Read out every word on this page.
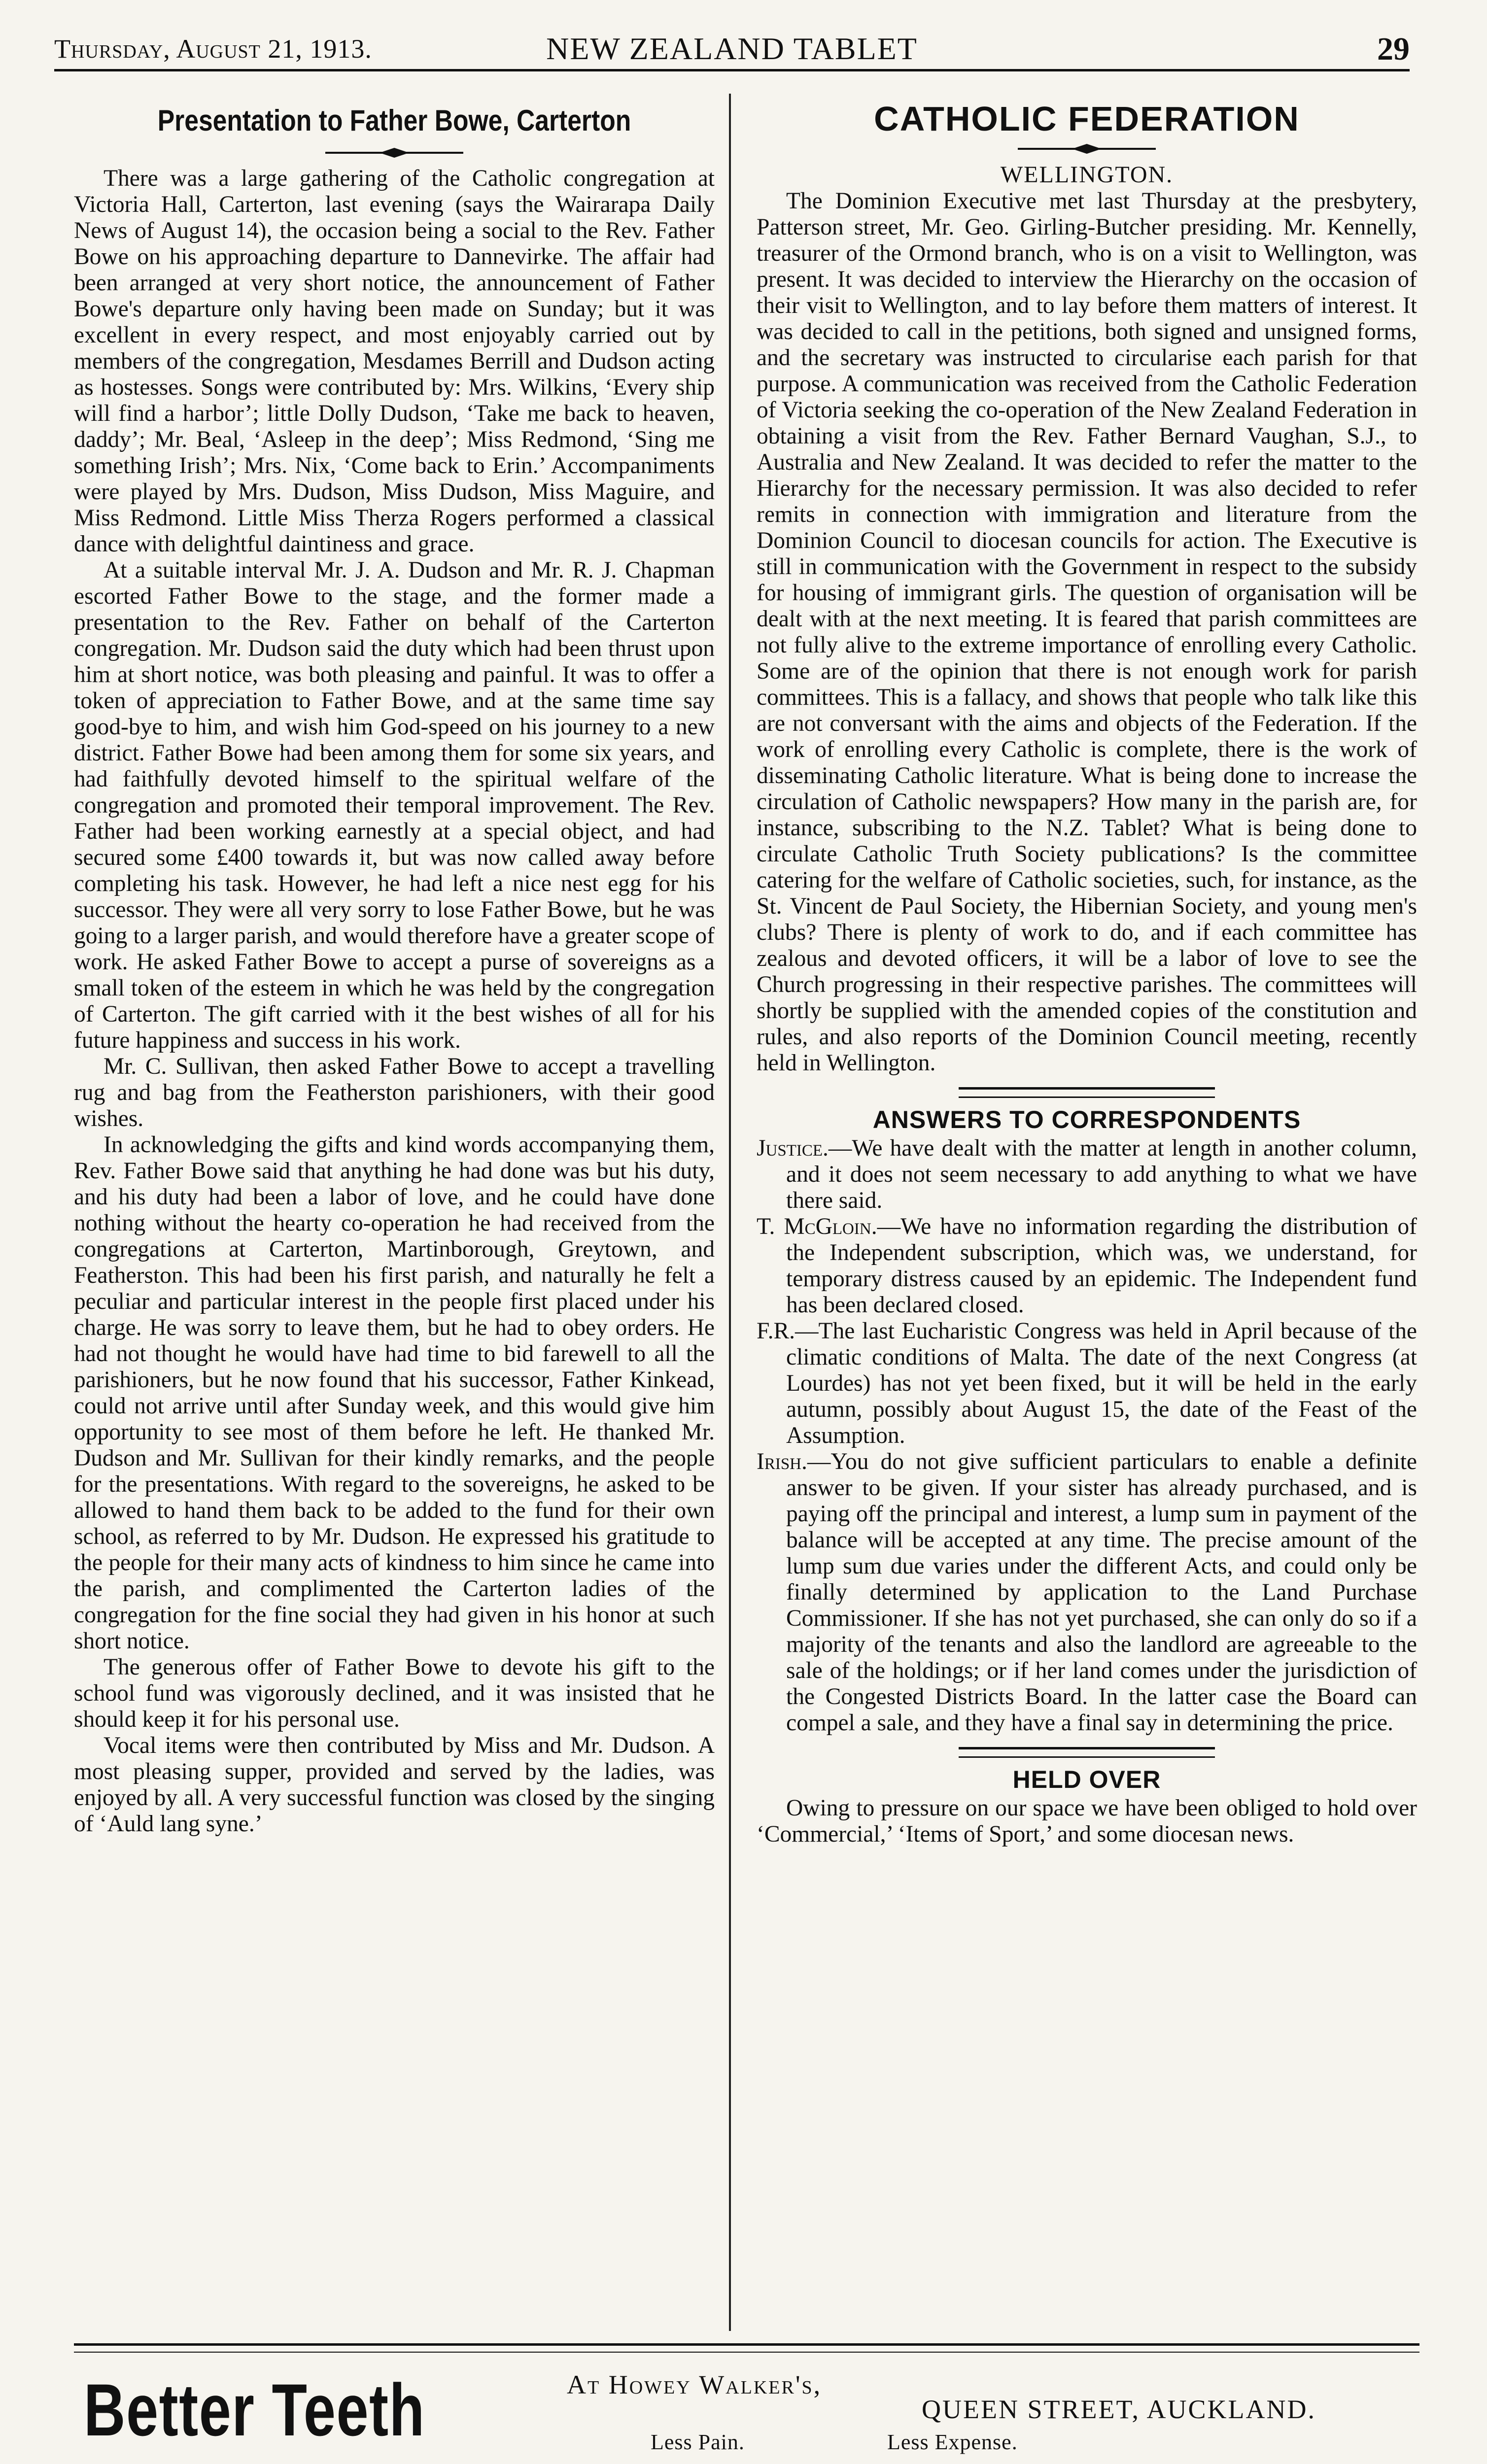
Thursday, August 21, 1913.	NEW ZEALAND TABLET	29
Presentation to Father Bowe, Carterton

There was a large gathering of the Catholic congregation at Victoria Hall, Carterton, last evening (says the Wairarapa Daily News of August 14), the occasion being a social to the Rev. Father Bowe on his approaching departure to Dannevirke. The affair had been arranged at very short notice, the announcement of Father Bowe's departure only having been made on Sunday; but it was excellent in every respect, and most enjoyably carried out by members of the congregation, Mesdames Berrill and Dudson acting as hostesses. Songs were contributed by: Mrs. Wilkins, ‘Every ship will find a harbor’; little Dolly Dudson, ‘Take me back to heaven, daddy’; Mr. Beal, ‘Asleep in the deep’; Miss Redmond, ‘Sing me something Irish’; Mrs. Nix, ‘Come back to Erin.’ Accompaniments were played by Mrs. Dudson, Miss Dudson, Miss Maguire, and Miss Redmond. Little Miss Therza Rogers performed a classical dance with delightful daintiness and grace.

At a suitable interval Mr. J. A. Dudson and Mr. R. J. Chapman escorted Father Bowe to the stage, and the former made a presentation to the Rev. Father on behalf of the Carterton congregation. Mr. Dudson said the duty which had been thrust upon him at short notice, was both pleasing and painful. It was to offer a token of appreciation to Father Bowe, and at the same time say good-bye to him, and wish him God-speed on his journey to a new district. Father Bowe had been among them for some six years, and had faithfully devoted himself to the spiritual welfare of the congregation and promoted their temporal improvement. The Rev. Father had been working earnestly at a special object, and had secured some £400 towards it, but was now called away before completing his task. However, he had left a nice nest egg for his successor. They were all very sorry to lose Father Bowe, but he was going to a larger parish, and would therefore have a greater scope of work. He asked Father Bowe to accept a purse of sovereigns as a small token of the esteem in which he was held by the congregation of Carterton. The gift carried with it the best wishes of all for his future happiness and success in his work.

Mr. C. Sullivan, then asked Father Bowe to accept a travelling rug and bag from the Featherston parishioners, with their good wishes.

In acknowledging the gifts and kind words accompanying them, Rev. Father Bowe said that anything he had done was but his duty, and his duty had been a labor of love, and he could have done nothing without the hearty co-operation he had received from the congregations at Carterton, Martinborough, Greytown, and Featherston. This had been his first parish, and naturally he felt a peculiar and particular interest in the people first placed under his charge. He was sorry to leave them, but he had to obey orders. He had not thought he would have had time to bid farewell to all the parishioners, but he now found that his successor, Father Kinkead, could not arrive until after Sunday week, and this would give him opportunity to see most of them before he left. He thanked Mr. Dudson and Mr. Sullivan for their kindly remarks, and the people for the presentations. With regard to the sovereigns, he asked to be allowed to hand them back to be added to the fund for their own school, as referred to by Mr. Dudson. He expressed his gratitude to the people for their many acts of kindness to him since he came into the parish, and complimented the Carterton ladies of the congregation for the fine social they had given in his honor at such short notice.

The generous offer of Father Bowe to devote his gift to the school fund was vigorously declined, and it was insisted that he should keep it for his personal use.

Vocal items were then contributed by Miss and Mr. Dudson. A most pleasing supper, provided and served by the ladies, was enjoyed by all. A very successful function was closed by the singing of ‘Auld lang syne.’

CATHOLIC FEDERATION
WELLINGTON.

The Dominion Executive met last Thursday at the presbytery, Patterson street, Mr. Geo. Girling-Butcher presiding. Mr. Kennelly, treasurer of the Ormond branch, who is on a visit to Wellington, was present. It was decided to interview the Hierarchy on the occasion of their visit to Wellington, and to lay before them matters of interest. It was decided to call in the petitions, both signed and unsigned forms, and the secretary was instructed to circularise each parish for that purpose. A communication was received from the Catholic Federation of Victoria seeking the co-operation of the New Zealand Federation in obtaining a visit from the Rev. Father Bernard Vaughan, S.J., to Australia and New Zealand. It was decided to refer the matter to the Hierarchy for the necessary permission. It was also decided to refer remits in connection with immigration and literature from the Dominion Council to diocesan councils for action. The Executive is still in communication with the Government in respect to the subsidy for housing of immigrant girls. The question of organisation will be dealt with at the next meeting. It is feared that parish committees are not fully alive to the extreme importance of enrolling every Catholic. Some are of the opinion that there is not enough work for parish committees. This is a fallacy, and shows that people who talk like this are not conversant with the aims and objects of the Federation. If the work of enrolling every Catholic is complete, there is the work of disseminating Catholic literature. What is being done to increase the circulation of Catholic newspapers? How many in the parish are, for instance, subscribing to the N.Z. Tablet? What is being done to circulate Catholic Truth Society publications? Is the committee catering for the welfare of Catholic societies, such, for instance, as the St. Vincent de Paul Society, the Hibernian Society, and young men's clubs? There is plenty of work to do, and if each committee has zealous and devoted officers, it will be a labor of love to see the Church progressing in their respective parishes. The committees will shortly be supplied with the amended copies of the constitution and rules, and also reports of the Dominion Council meeting, recently held in Wellington.

ANSWERS TO CORRESPONDENTS

Justice.—We have dealt with the matter at length in another column, and it does not seem necessary to add anything to what we have there said.

T. McGloin.—We have no information regarding the distribution of the Independent subscription, which was, we understand, for temporary distress caused by an epidemic. The Independent fund has been declared closed.

F.R.—The last Eucharistic Congress was held in April because of the climatic conditions of Malta. The date of the next Congress (at Lourdes) has not yet been fixed, but it will be held in the early autumn, possibly about August 15, the date of the Feast of the Assumption.

Irish.—You do not give sufficient particulars to enable a definite answer to be given. If your sister has already purchased, and is paying off the principal and interest, a lump sum in payment of the balance will be accepted at any time. The precise amount of the lump sum due varies under the different Acts, and could only be finally determined by application to the Land Purchase Commissioner. If she has not yet purchased, she can only do so if a majority of the tenants and also the landlord are agreeable to the sale of the holdings; or if her land comes under the jurisdiction of the Congested Districts Board. In the latter case the Board can compel a sale, and they have a final say in determining the price.

HELD OVER

Owing to pressure on our space we have been obliged to hold over ‘Commercial,’ ‘Items of Sport,’ and some diocesan news.

Better Teeth	At Howey Walker's,
QUEEN STREET, AUCKLAND.
Less Pain.	Less Expense.
